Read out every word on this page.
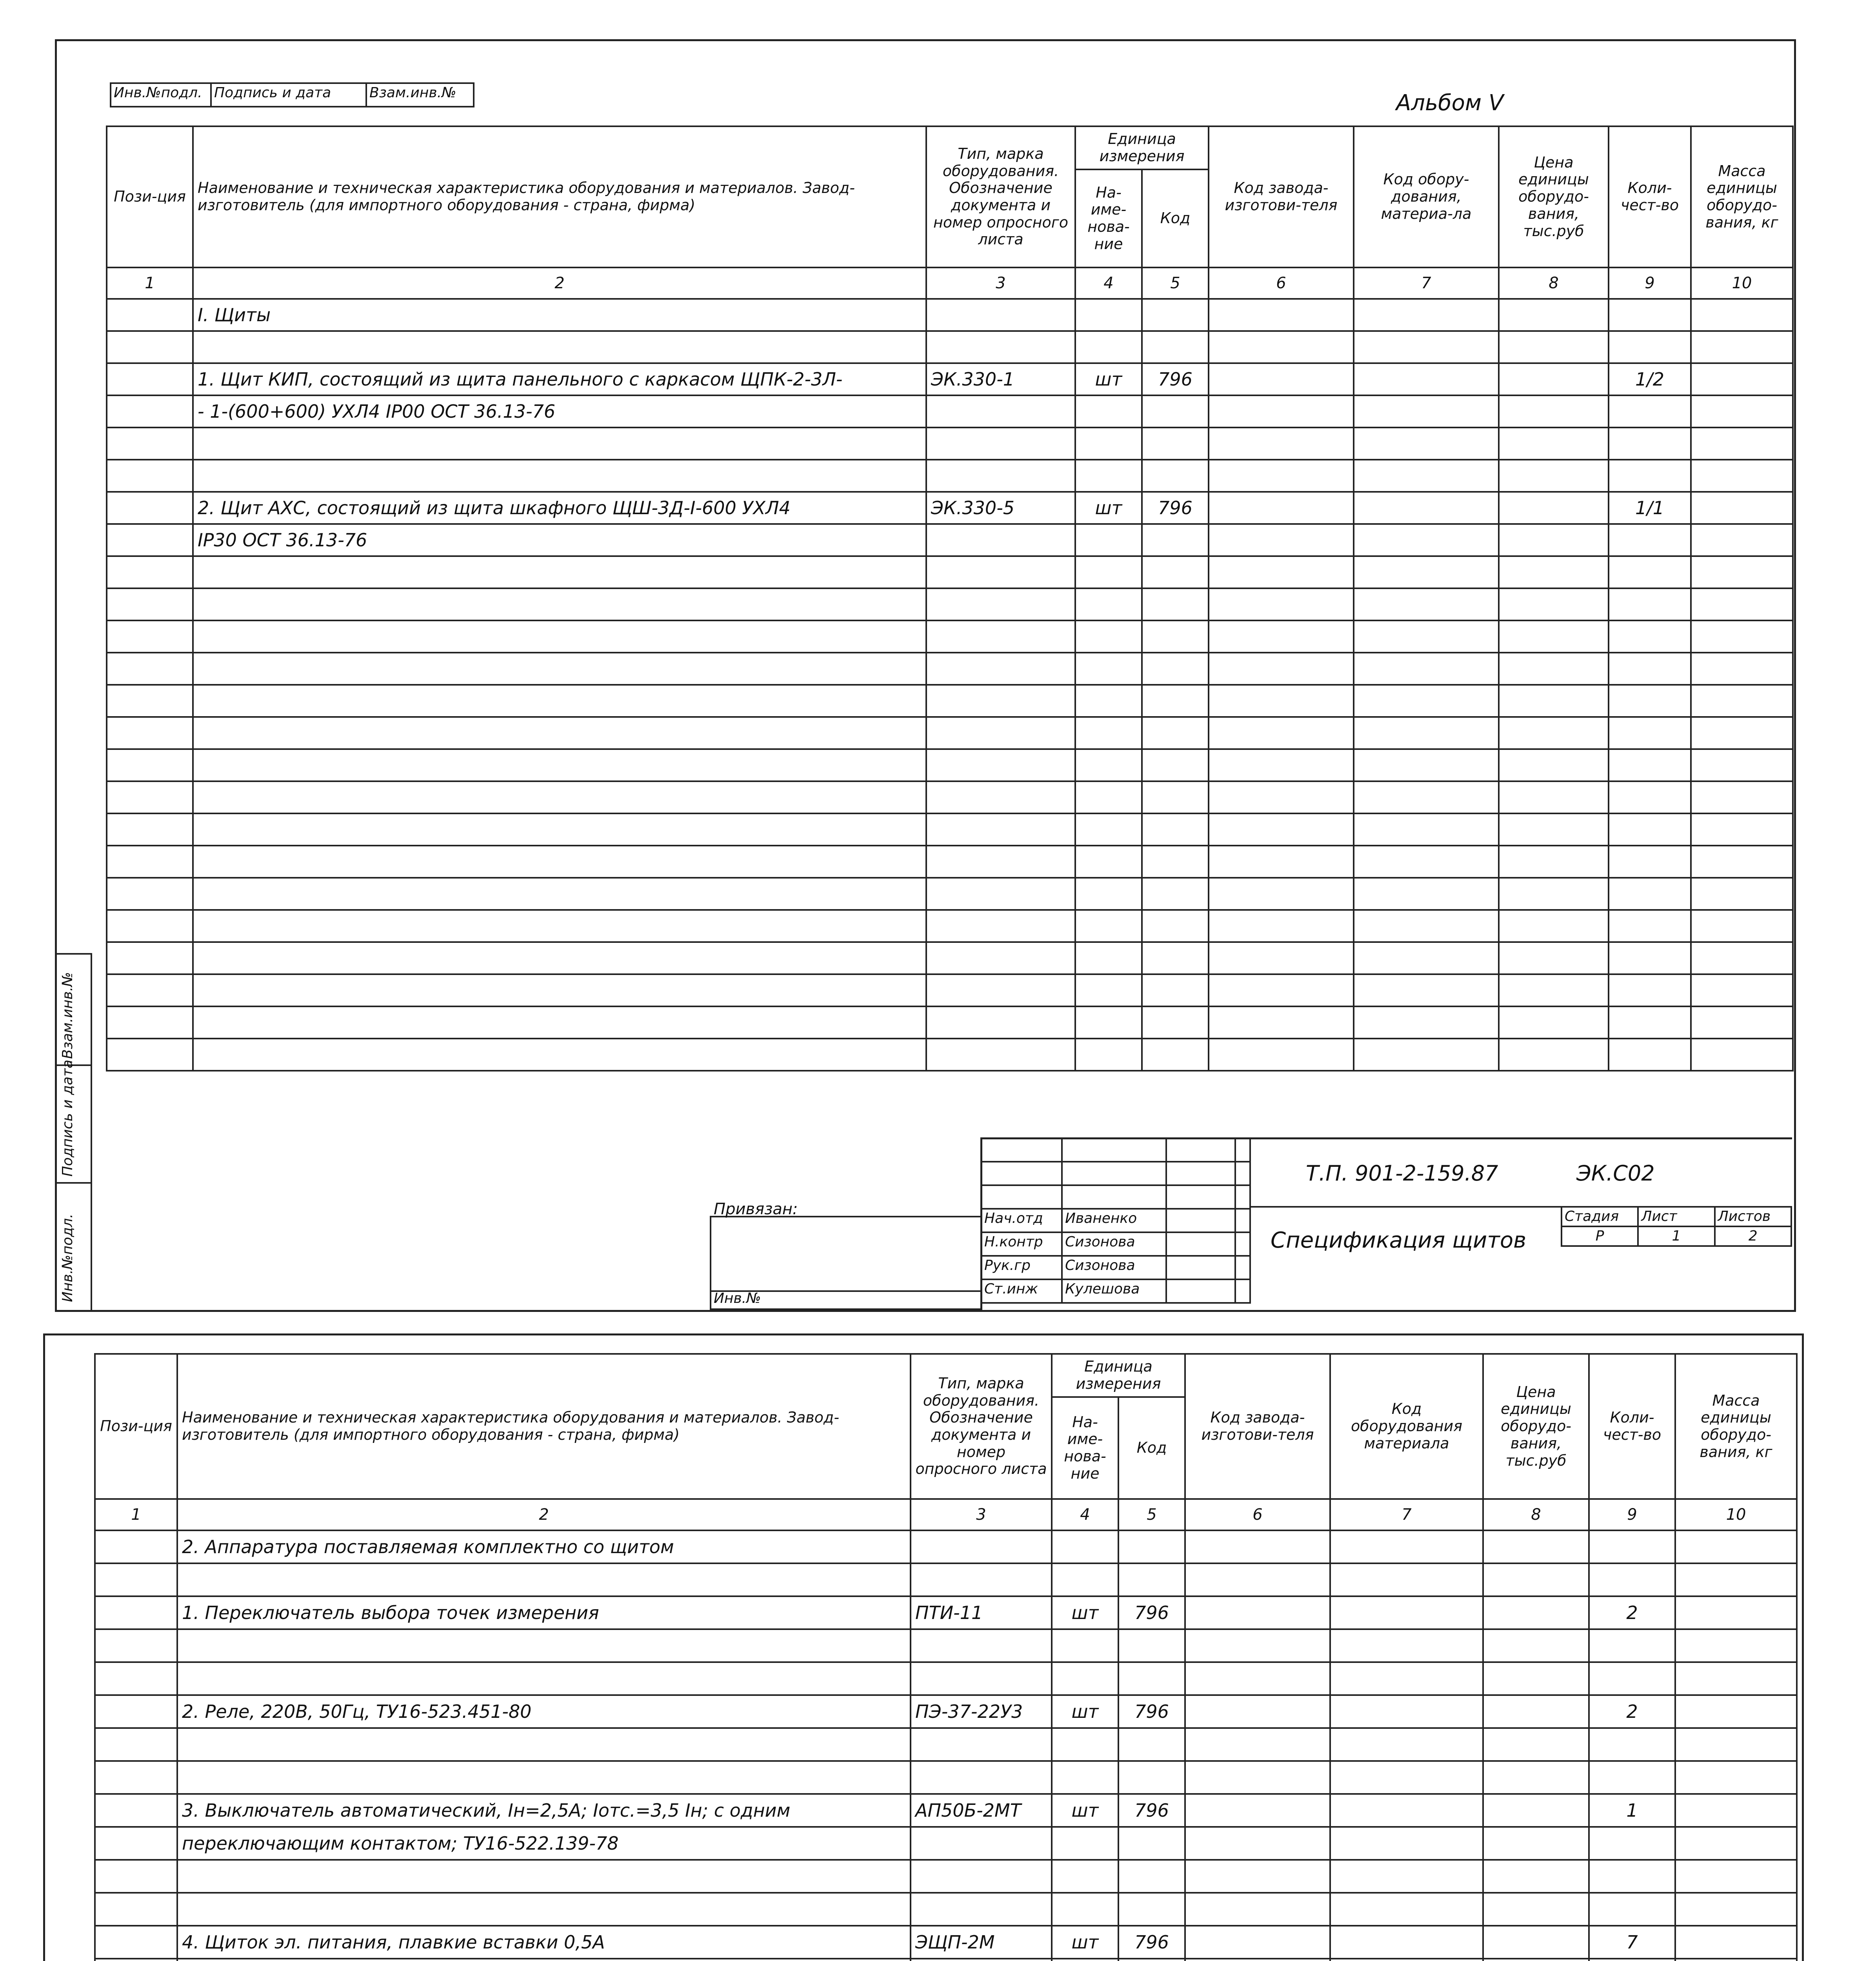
Инв.№подл.	Подпись и дата	Взам.инв.№	Альбом V
Пози-ция	Наименование и техническая характеристика оборудования и материалов. Завод-изготовитель (для импортного оборудования - страна, фирма)	Тип, марка оборудования. Обозначение документа и номер опросного листа	Единица измерения		Код завода-изготови-теля	Код обору-дования, материа-ла	Цена единицы оборудо-вания, тыс.руб	Коли-чест-во	Масса единицы оборудо-вания, кг
			На-име-нова-ние	Код					
1	2	3	4	5	6	7	8	9	10
	I. Щиты								

	1. Щит КИП, состоящий из щита панельного с каркасом ЩПК-2-3Л-	ЭК.330-1	шт	796				1/2	
	- 1-(600+600) УХЛ4 IР00 ОСТ 36.13-76								

	2. Щит АХС, состоящий из щита шкафного ЩШ-3Д-I-600 УХЛ4	ЭК.330-5	шт	796				1/1	
	IР30 ОСТ 36.13-76								

Взам.инв.№
Подпись и дата
Инв.№подл.

				Нач.отд	Иваненко		
Н.контр	Сизонова		
Рук.гр	Сизонова		
Ст.инж	Кулешова		
Привязан:
Инв.№
Т.П. 901-2-159.87	ЭК.С02
Спецификация щитов
Стадия	Лист	Листов
Р	1	2
Пози-ция	Наименование и техническая характеристика оборудования и материалов. Завод-изготовитель (для импортного оборудования - страна, фирма)	Тип, марка оборудования. Обозначение документа и номер опросного листа	Единица измерения		Код завода-изготови-теля	Код оборудования материала	Цена единицы оборудо-вания, тыс.руб	Коли-чест-во	Масса единицы оборудо-вания, кг
			На-име-нова-ние	Код					
1	2	3	4	5	6	7	8	9	10
	2. Аппаратура поставляемая комплектно со щитом								

	1. Переключатель выбора точек измерения	ПТИ-11	шт	796				2	

	2. Реле, 220В, 50Гц, ТУ16-523.451-80	ПЭ-37-22У3	шт	796				2	

	3. Выключатель автоматический, Iн=2,5А; Iотс.=3,5 Iн; с одним	АП50Б-2МТ	шт	796				1	
	переключающим контактом; ТУ16-522.139-78								

	4. Щиток эл. питания, плавкие вставки 0,5А	ЭЩП-2М	шт	796				7	
